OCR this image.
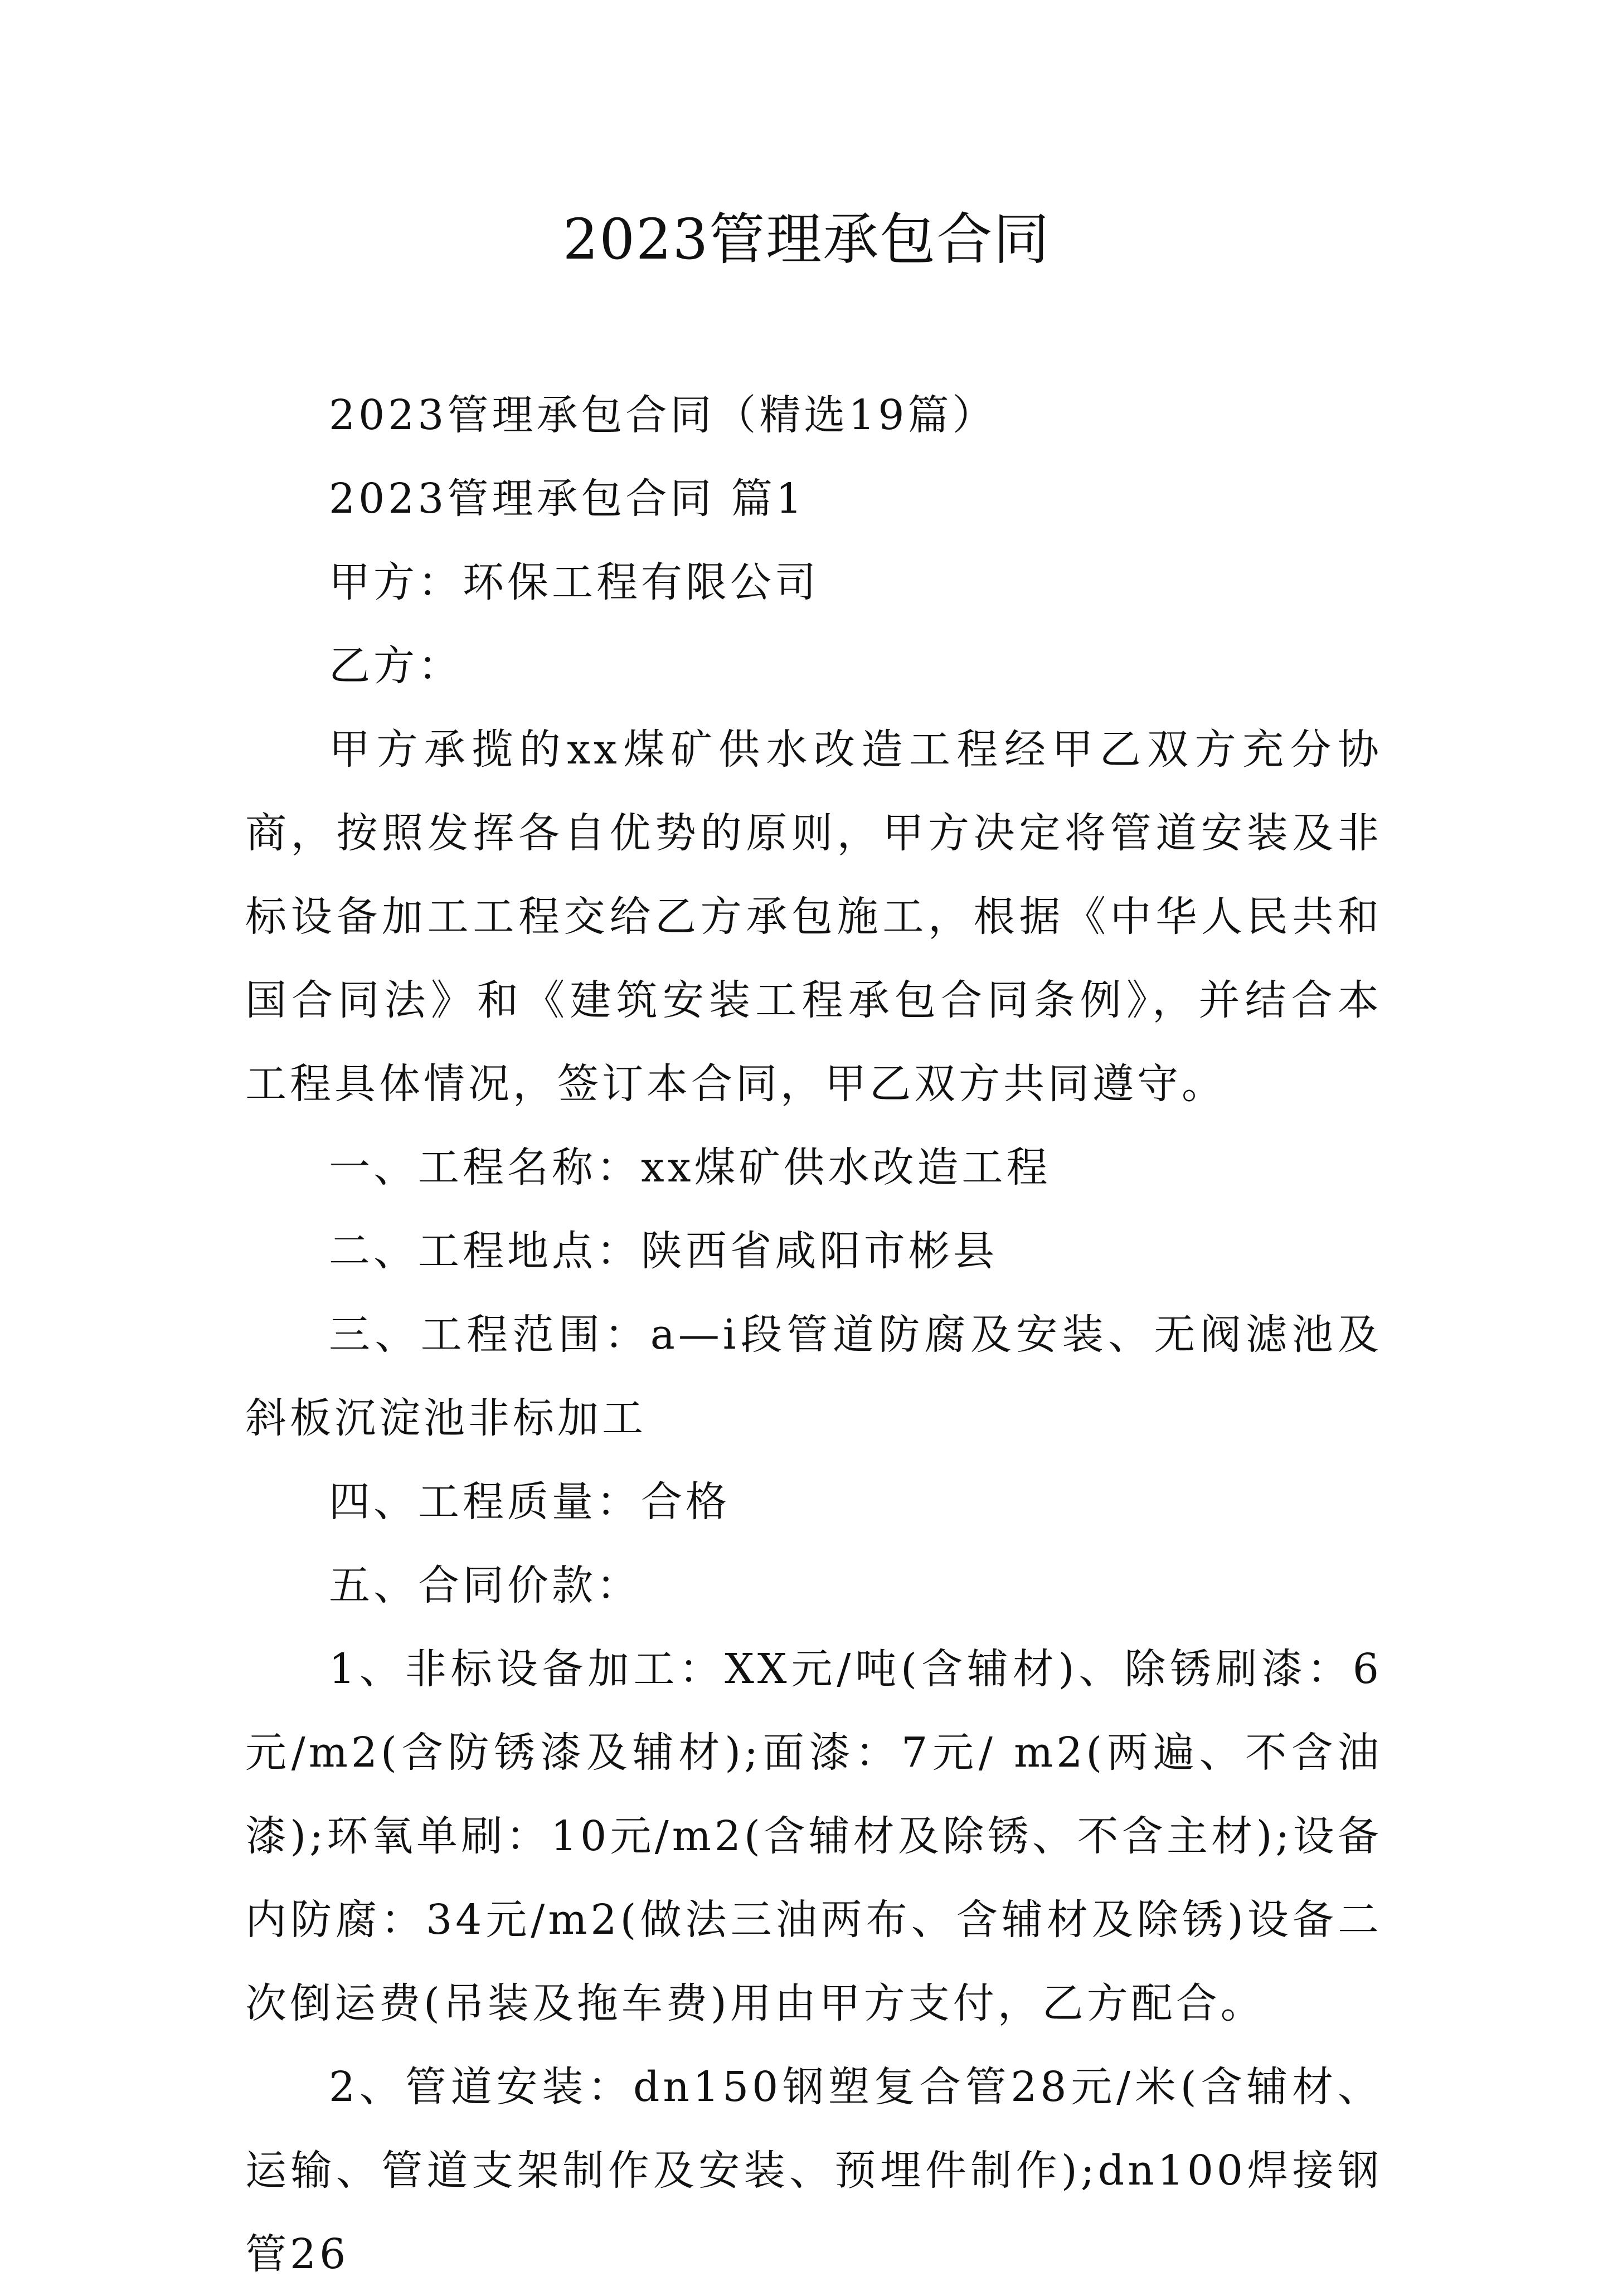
2023管理承包合同

2023管理承包合同（精选19篇）

2023管理承包合同 篇1

甲方：环保工程有限公司

乙方：

甲方承揽的xx煤矿供水改造工程经甲乙双方充分协商，按照发挥各自优势的原则，甲方决定将管道安装及非标设备加工工程交给乙方承包施工，根据《中华人民共和国合同法》和《建筑安装工程承包合同条例》，并结合本工程具体情况，签订本合同，甲乙双方共同遵守。

一、工程名称：xx煤矿供水改造工程

二、工程地点：陕西省咸阳市彬县

三、工程范围：a—i段管道防腐及安装、无阀滤池及斜板沉淀池非标加工

四、工程质量：合格

五、合同价款：

1、非标设备加工：XX元/吨(含辅材)、除锈刷漆：6元/m2(含防锈漆及辅材);面漆：7元/ m2(两遍、不含油漆);环氧单刷：10元/m2(含辅材及除锈、不含主材);设备内防腐：34元/m2(做法三油两布、含辅材及除锈)设备二次倒运费(吊装及拖车费)用由甲方支付，乙方配合。

2、管道安装：dn150钢塑复合管28元/米(含辅材、运输、管道支架制作及安装、预埋件制作);dn100焊接钢管26
